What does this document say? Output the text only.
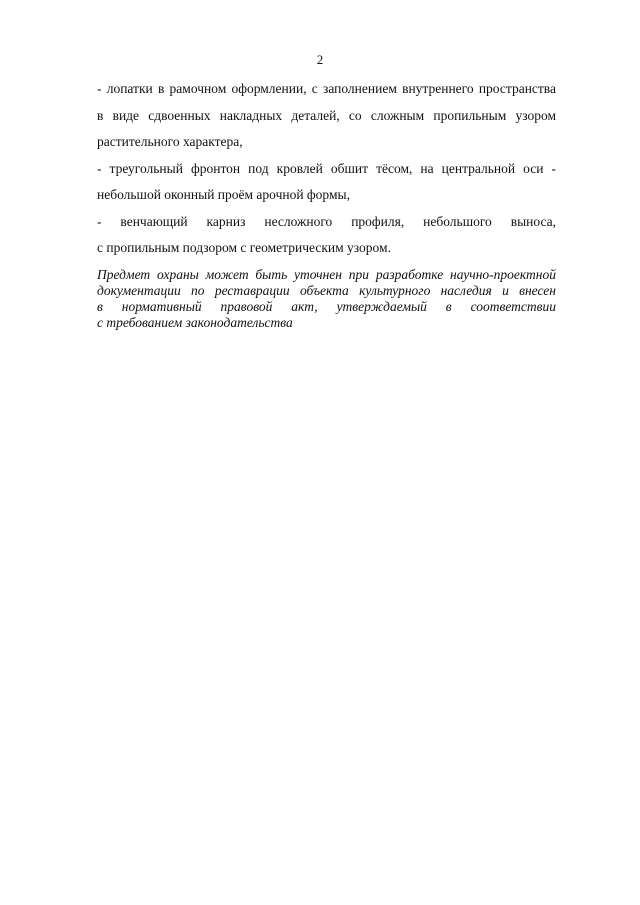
2

- лопатки в рамочном оформлении, с заполнением внутреннего пространства

в виде сдвоенных накладных деталей, со сложным пропильным узором

растительного характера,

- треугольный фронтон под кровлей обшит тёсом, на центральной оси -

небольшой оконный проём арочной формы,

- венчающий карниз несложного профиля, небольшого выноса,

с пропильным подзором с геометрическим узором.

Предмет охраны может быть уточнен при разработке научно-проектной

документации по реставрации объекта культурного наследия и внесен

в нормативный правовой акт, утверждаемый в соответствии

с требованием законодательства
